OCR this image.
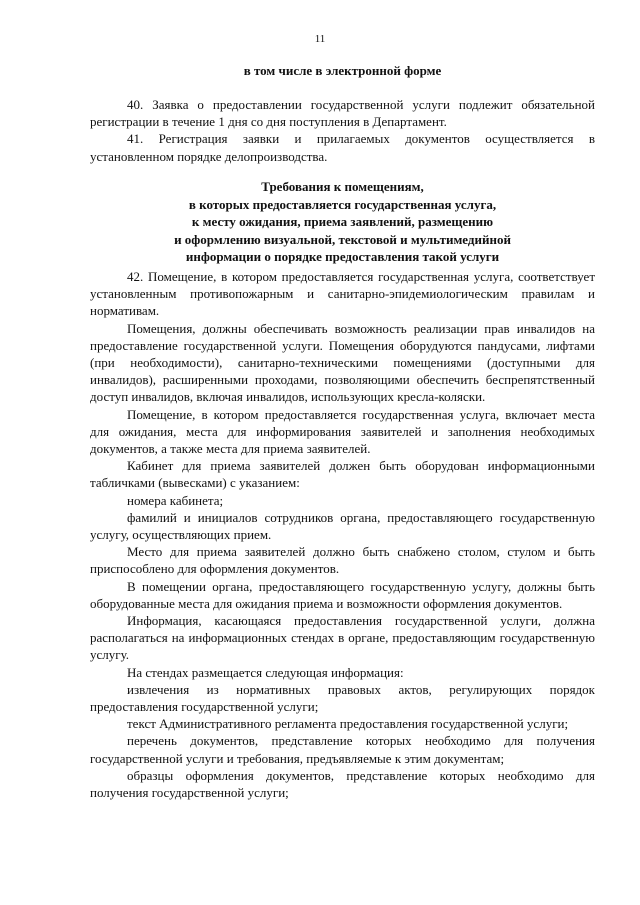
11
в том числе в электронной форме

40. Заявка о предоставлении государственной услуги подлежит обязательной регистрации в течение 1 дня со дня поступления в Департамент.

41. Регистрация заявки и прилагаемых документов осуществляется в установленном порядке делопроизводства.

Требования к помещениям,
в которых предоставляется государственная услуга,
к месту ожидания, приема заявлений, размещению
и оформлению визуальной, текстовой и мультимедийной
информации о порядке предоставления такой услуги

42. Помещение, в котором предоставляется государственная услуга, соответствует установленным противопожарным и санитарно-эпидемиологическим правилам и нормативам.

Помещения, должны обеспечивать возможность реализации прав инвалидов на предоставление государственной услуги. Помещения оборудуются пандусами, лифтами (при необходимости), санитарно-техническими помещениями (доступными для инвалидов), расширенными проходами, позволяющими обеспечить беспрепятственный доступ инвалидов, включая инвалидов, использующих кресла-коляски.

Помещение, в котором предоставляется государственная услуга, включает места для ожидания, места для информирования заявителей и заполнения необходимых документов, а также места для приема заявителей.

Кабинет для приема заявителей должен быть оборудован информационными табличками (вывесками) с указанием:

номера кабинета;

фамилий и инициалов сотрудников органа, предоставляющего государственную услугу, осуществляющих прием.

Место для приема заявителей должно быть снабжено столом, стулом и быть приспособлено для оформления документов.

В помещении органа, предоставляющего государственную услугу, должны быть оборудованные места для ожидания приема и возможности оформления документов.

Информация, касающаяся предоставления государственной услуги, должна располагаться на информационных стендах в органе, предоставляющим государственную услугу.

На стендах размещается следующая информация:

извлечения из нормативных правовых актов, регулирующих порядок предоставления государственной услуги;

текст Административного регламента предоставления государственной услуги;

перечень документов, представление которых необходимо для получения государственной услуги и требования, предъявляемые к этим документам;

образцы оформления документов, представление которых необходимо для получения государственной услуги;
